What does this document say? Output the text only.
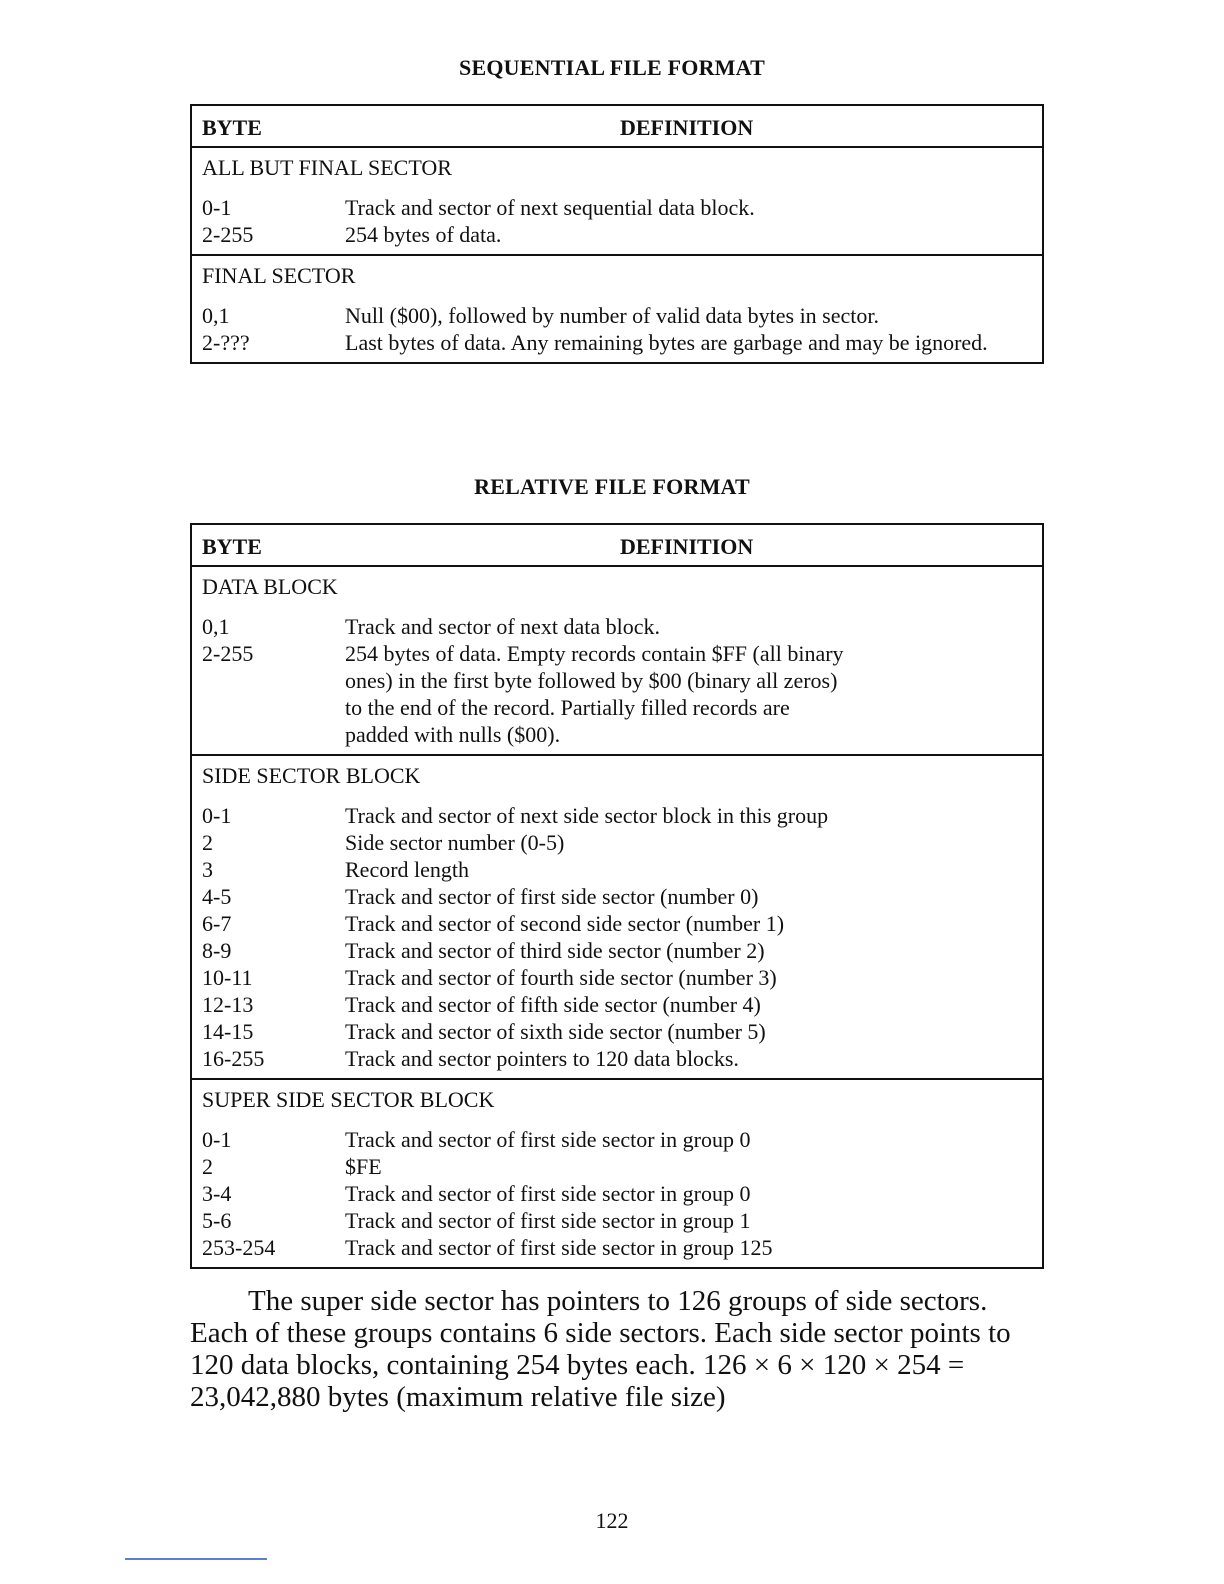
SEQUENTIAL FILE FORMAT
BYTE	DEFINITION
ALL BUT FINAL SECTOR
0-1	Track and sector of next sequential data block.
2-255	254 bytes of data.
FINAL SECTOR
0,1	Null ($00), followed by number of valid data bytes in sector.
2-???	Last bytes of data. Any remaining bytes are garbage and may be ignored.
RELATIVE FILE FORMAT
BYTE	DEFINITION
DATA BLOCK
0,1	Track and sector of next data block.
2-255	254 bytes of data. Empty records contain $FF (all binary ones) in the first byte followed by $00 (binary all zeros) to the end of the record. Partially filled records are padded with nulls ($00).
SIDE SECTOR BLOCK
0-1	Track and sector of next side sector block in this group
2	Side sector number (0-5)
3	Record length
4-5	Track and sector of first side sector (number 0)
6-7	Track and sector of second side sector (number 1)
8-9	Track and sector of third side sector (number 2)
10-11	Track and sector of fourth side sector (number 3)
12-13	Track and sector of fifth side sector (number 4)
14-15	Track and sector of sixth side sector (number 5)
16-255	Track and sector pointers to 120 data blocks.
SUPER SIDE SECTOR BLOCK
0-1	Track and sector of first side sector in group 0
2	$FE
3-4	Track and sector of first side sector in group 0
5-6	Track and sector of first side sector in group 1
253-254	Track and sector of first side sector in group 125
The super side sector has pointers to 126 groups of side sectors. Each of these groups contains 6 side sectors. Each side sector points to 120 data blocks, containing 254 bytes each. 126 × 6 × 120 × 254 = 23,042,880 bytes (maximum relative file size)
122
